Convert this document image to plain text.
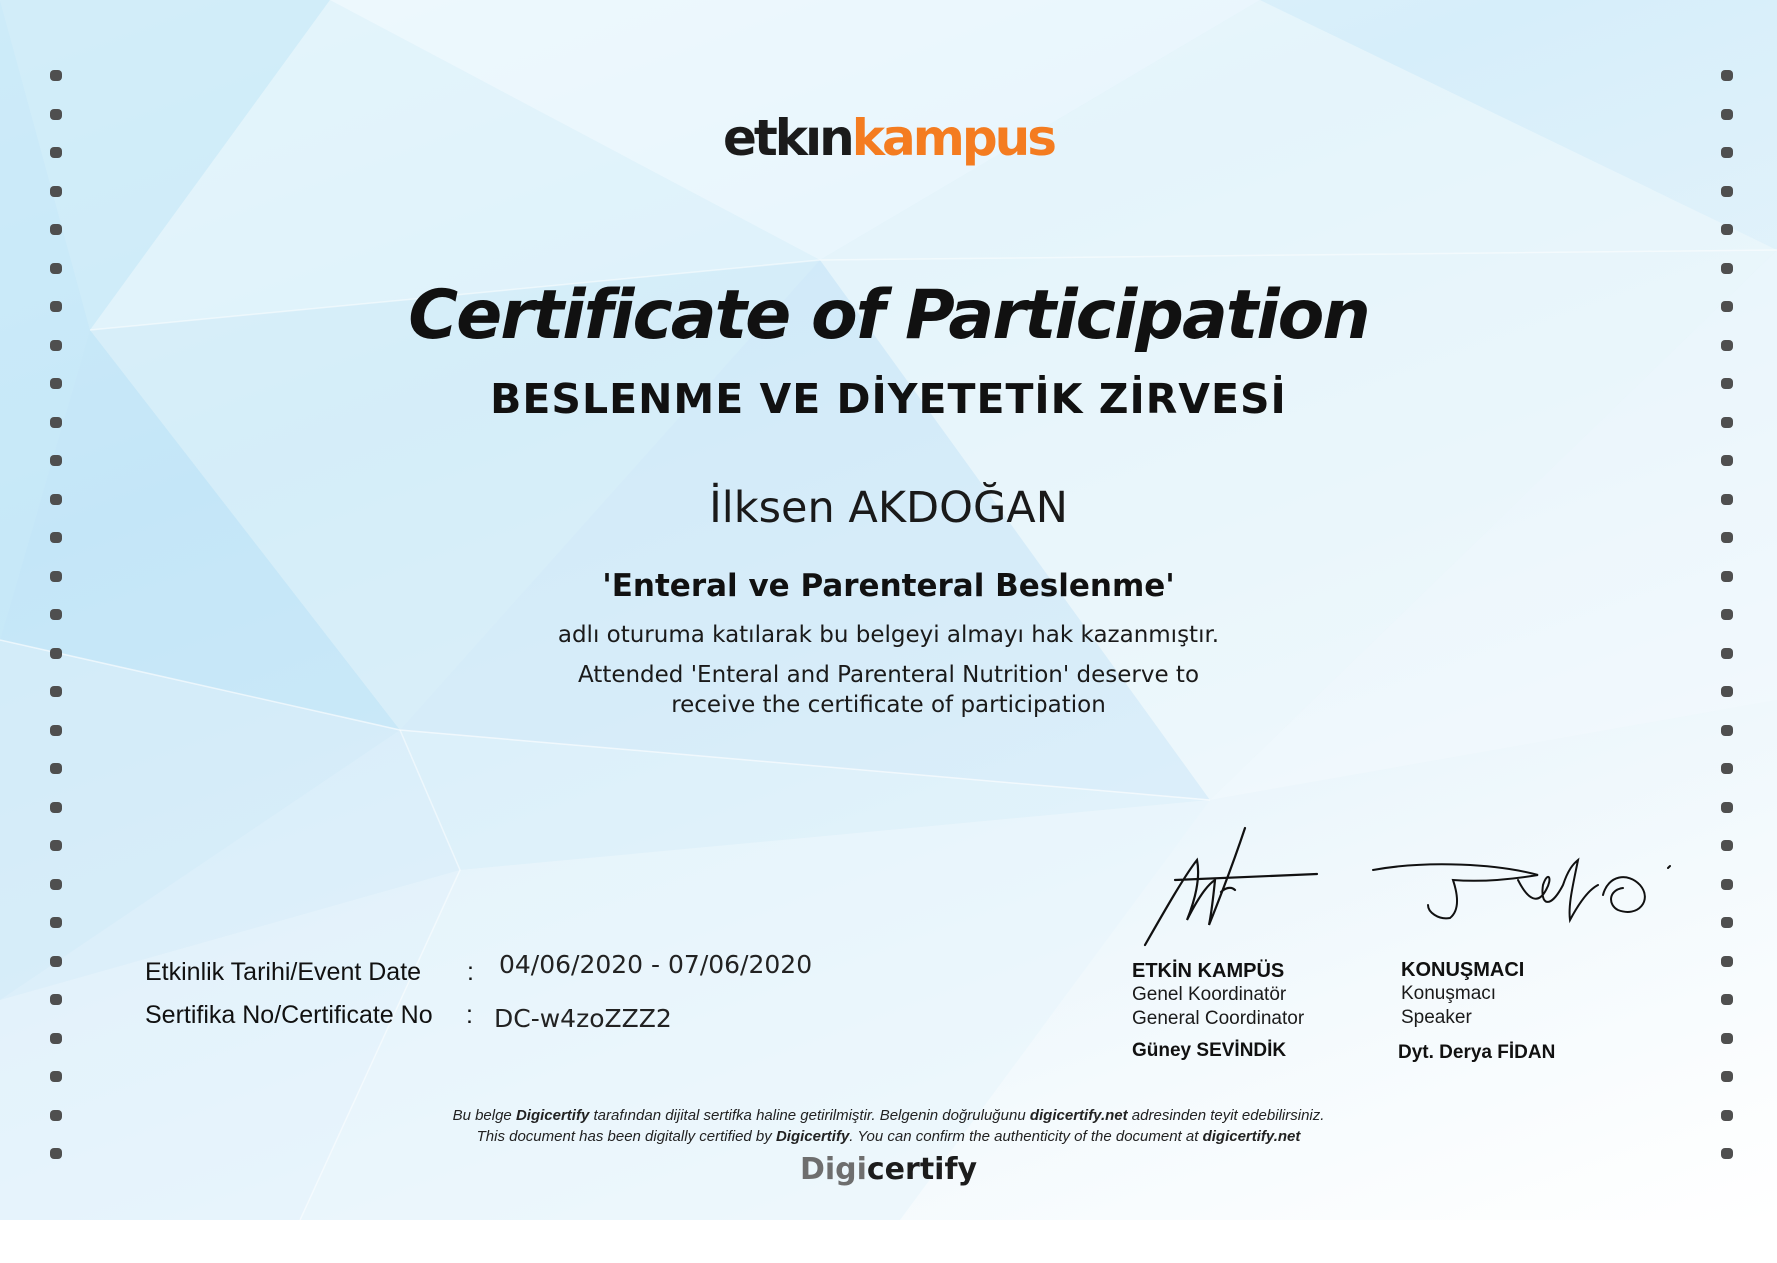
etkınkampus
Certificate of Participation
BESLENME VE DİYETETİK ZİRVESİ
İlksen AKDOĞAN
'Enteral ve Parenteral Beslenme'
adlı oturuma katılarak bu belgeyi almayı hak kazanmıştır.
Attended 'Enteral and Parenteral Nutrition' deserve to
receive the certificate of participation
Etkinlik Tarihi/Event Date : 04/06/2020 - 07/06/2020
Sertifika No/Certificate No : DC-w4zoZZZ2
ETKİN KAMPÜS
Genel Koordinatör
General Coordinator
Güney SEVİNDİK
KONUŞMACI
Konuşmacı
Speaker
Dyt. Derya FİDAN
Bu belge Digicertify tarafından dijital sertifka haline getirilmiştir. Belgenin doğruluğunu digicertify.net adresinden teyit edebilirsiniz.
This document has been digitally certified by Digicertify. You can confirm the authenticity of the document at digicertify.net
Digicertify
